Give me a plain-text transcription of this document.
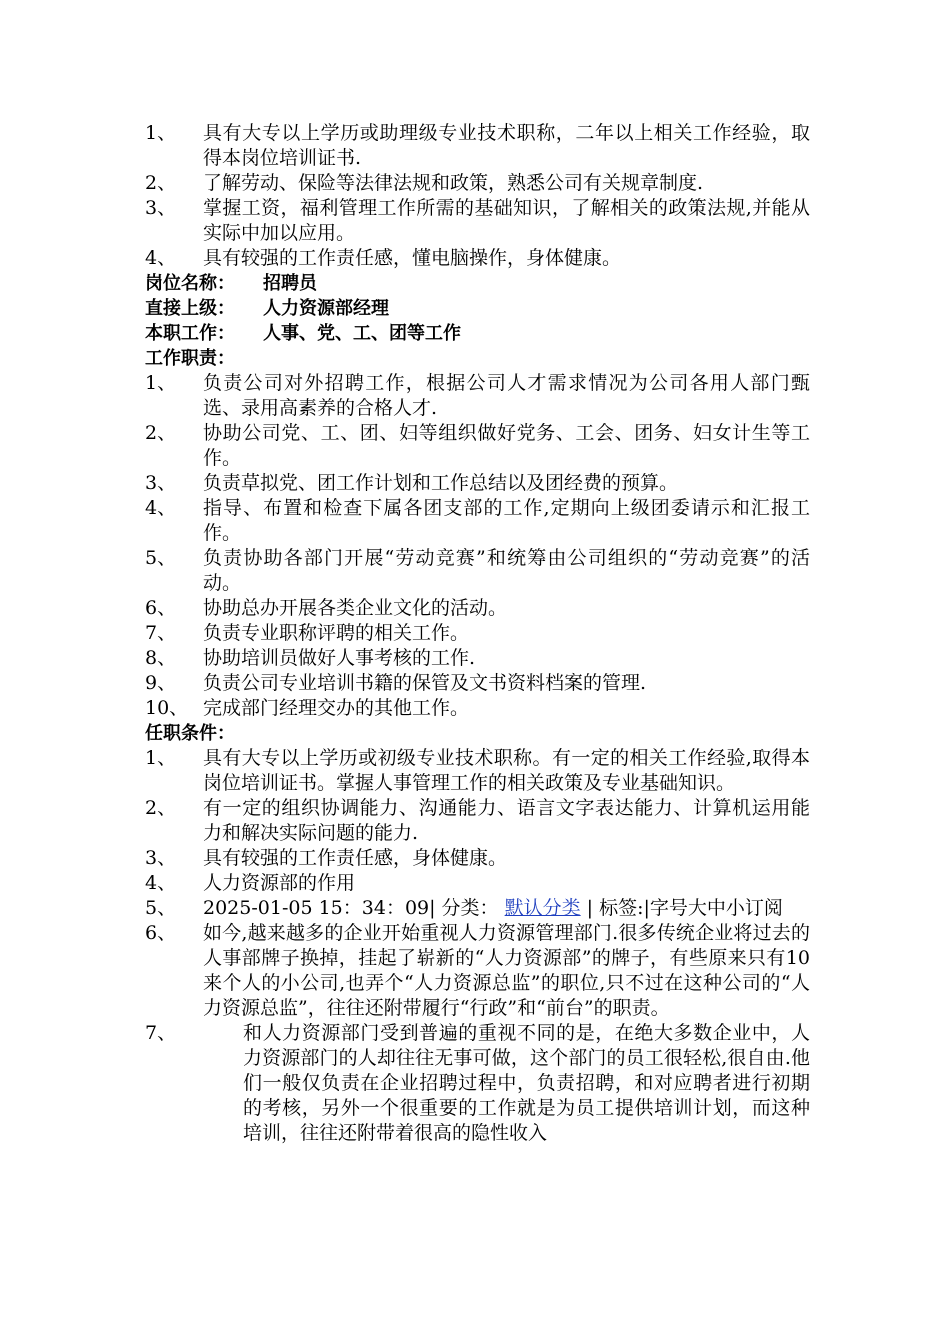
1、	具有大专以上学历或助理级专业技术职称，二年以上相关工作经验，取得本岗位培训证书.
2、	了解劳动、保险等法律法规和政策，熟悉公司有关规章制度.
3、	掌握工资，福利管理工作所需的基础知识，了解相关的政策法规,并能从实际中加以应用。
4、	具有较强的工作责任感，懂电脑操作，身体健康。
岗位名称： 招聘员
直接上级： 人力资源部经理
本职工作： 人事、党、工、团等工作
工作职责：
1、	负责公司对外招聘工作，根据公司人才需求情况为公司各用人部门甄选、录用高素养的合格人才.
2、	协助公司党、工、团、妇等组织做好党务、工会、团务、妇女计生等工作。
3、	负责草拟党、团工作计划和工作总结以及团经费的预算。
4、	指导、布置和检查下属各团支部的工作,定期向上级团委请示和汇报工作。
5、	负责协助各部门开展“劳动竞赛”和统筹由公司组织的“劳动竞赛”的活动。
6、	协助总办开展各类企业文化的活动。
7、	负责专业职称评聘的相关工作。
8、	协助培训员做好人事考核的工作.
9、	负责公司专业培训书籍的保管及文书资料档案的管理.
10、 完成部门经理交办的其他工作。
任职条件：
1、	具有大专以上学历或初级专业技术职称。有一定的相关工作经验,取得本岗位培训证书。掌握人事管理工作的相关政策及专业基础知识。
2、	有一定的组织协调能力、沟通能力、语言文字表达能力、计算机运用能力和解决实际问题的能力.
3、	具有较强的工作责任感，身体健康。
4、	人力资源部的作用
5、	2025-01-05 15：34：09| 分类： 默认分类 | 标签:|字号大中小订阅
6、	如今,越来越多的企业开始重视人力资源管理部门.很多传统企业将过去的人事部牌子换掉，挂起了崭新的“人力资源部”的牌子，有些原来只有10来个人的小公司,也弄个“人力资源总监”的职位,只不过在这种公司的“人力资源总监”，往往还附带履行“行政”和“前台”的职责。
7、	和人力资源部门受到普遍的重视不同的是，在绝大多数企业中，人力资源部门的人却往往无事可做，这个部门的员工很轻松,很自由.他们一般仅负责在企业招聘过程中，负责招聘，和对应聘者进行初期的考核，另外一个很重要的工作就是为员工提供培训计划，而这种培训，往往还附带着很高的隐性收入
